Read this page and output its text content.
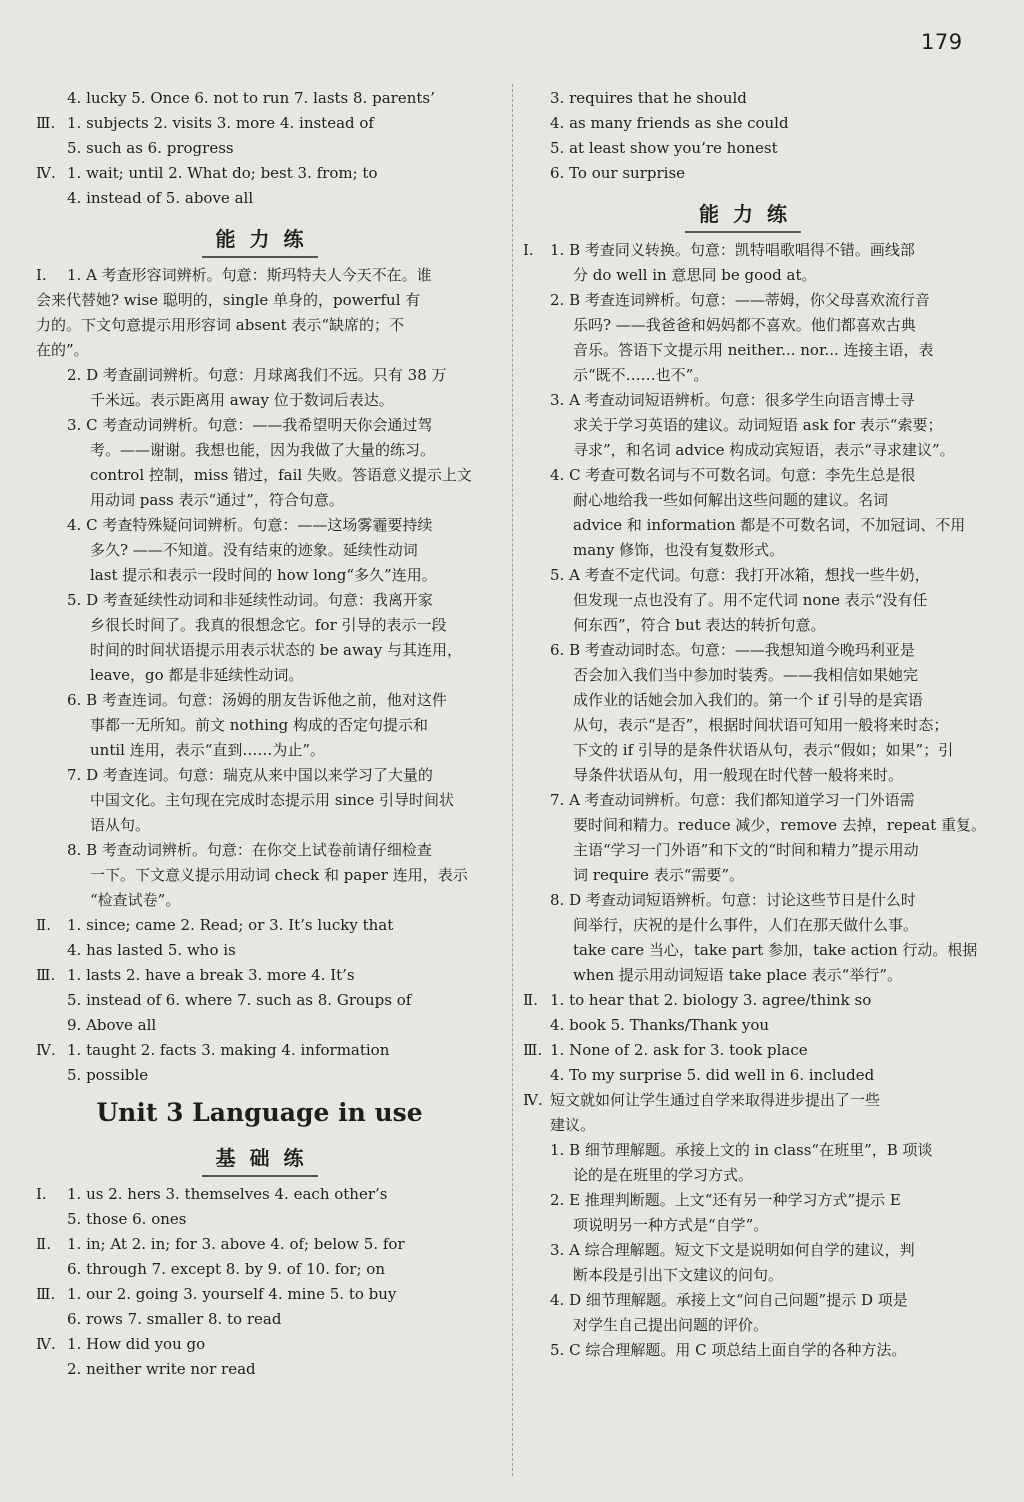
179
4. lucky 5. Once 6. not to run 7. lasts 8. parents’
Ⅲ. 1. subjects 2. visits 3. more 4. instead of
5. such as 6. progress
Ⅳ. 1. wait; until 2. What do; best 3. from; to
4. instead of 5. above all
能力练
Ⅰ. 1. A 考查形容词辨析。句意：斯玛特夫人今天不在。谁
会来代替她? wise 聪明的，single 单身的，powerful 有
力的。下文句意提示用形容词 absent 表示“缺席的；不
在的”。
2. D 考查副词辨析。句意：月球离我们不远。只有 38 万
千米远。表示距离用 away 位于数词后表达。
3. C 考查动词辨析。句意：——我希望明天你会通过驾
考。——谢谢。我想也能，因为我做了大量的练习。
control 控制，miss 错过，fail 失败。答语意义提示上文
用动词 pass 表示“通过”，符合句意。
4. C 考查特殊疑问词辨析。句意：——这场雾霾要持续
多久? ——不知道。没有结束的迹象。延续性动词
last 提示和表示一段时间的 how long“多久”连用。
5. D 考查延续性动词和非延续性动词。句意：我离开家
乡很长时间了。我真的很想念它。for 引导的表示一段
时间的时间状语提示用表示状态的 be away 与其连用，
leave，go 都是非延续性动词。
6. B 考查连词。句意：汤姆的朋友告诉他之前，他对这件
事都一无所知。前文 nothing 构成的否定句提示和
until 连用，表示“直到……为止”。
7. D 考查连词。句意：瑞克从来中国以来学习了大量的
中国文化。主句现在完成时态提示用 since 引导时间状
语从句。
8. B 考查动词辨析。句意：在你交上试卷前请仔细检查
一下。下文意义提示用动词 check 和 paper 连用，表示
“检查试卷”。
Ⅱ. 1. since; came 2. Read; or 3. It’s lucky that
4. has lasted 5. who is
Ⅲ. 1. lasts 2. have a break 3. more 4. It’s
5. instead of 6. where 7. such as 8. Groups of
9. Above all
Ⅳ. 1. taught 2. facts 3. making 4. information
5. possible
Unit 3 Language in use
基础练
Ⅰ. 1. us 2. hers 3. themselves 4. each other’s
5. those 6. ones
Ⅱ. 1. in; At 2. in; for 3. above 4. of; below 5. for
6. through 7. except 8. by 9. of 10. for; on
Ⅲ. 1. our 2. going 3. yourself 4. mine 5. to buy
6. rows 7. smaller 8. to read
Ⅳ. 1. How did you go
2. neither write nor read
3. requires that he should
4. as many friends as she could
5. at least show you’re honest
6. To our surprise
能力练
Ⅰ. 1. B 考查同义转换。句意：凯特唱歌唱得不错。画线部
分 do well in 意思同 be good at。
2. B 考查连词辨析。句意：——蒂姆，你父母喜欢流行音
乐吗? ——我爸爸和妈妈都不喜欢。他们都喜欢古典
音乐。答语下文提示用 neither... nor... 连接主语，表
示“既不……也不”。
3. A 考查动词短语辨析。句意：很多学生向语言博士寻
求关于学习英语的建议。动词短语 ask for 表示“索要；
寻求”，和名词 advice 构成动宾短语，表示“寻求建议”。
4. C 考查可数名词与不可数名词。句意：李先生总是很
耐心地给我一些如何解出这些问题的建议。名词
advice 和 information 都是不可数名词，不加冠词、不用
many 修饰，也没有复数形式。
5. A 考查不定代词。句意：我打开冰箱，想找一些牛奶，
但发现一点也没有了。用不定代词 none 表示“没有任
何东西”，符合 but 表达的转折句意。
6. B 考查动词时态。句意：——我想知道今晚玛利亚是
否会加入我们当中参加时装秀。——我相信如果她完
成作业的话她会加入我们的。第一个 if 引导的是宾语
从句，表示“是否”，根据时间状语可知用一般将来时态；
下文的 if 引导的是条件状语从句，表示“假如；如果”；引
导条件状语从句，用一般现在时代替一般将来时。
7. A 考查动词辨析。句意：我们都知道学习一门外语需
要时间和精力。reduce 减少，remove 去掉，repeat 重复。
主语“学习一门外语”和下文的“时间和精力”提示用动
词 require 表示“需要”。
8. D 考查动词短语辨析。句意：讨论这些节日是什么时
间举行，庆祝的是什么事件，人们在那天做什么事。
take care 当心，take part 参加，take action 行动。根据
when 提示用动词短语 take place 表示“举行”。
Ⅱ. 1. to hear that 2. biology 3. agree/think so
4. book 5. Thanks/Thank you
Ⅲ. 1. None of 2. ask for 3. took place
4. To my surprise 5. did well in 6. included
Ⅳ. 短文就如何让学生通过自学来取得进步提出了一些
建议。
1. B 细节理解题。承接上文的 in class“在班里”，B 项谈
论的是在班里的学习方式。
2. E 推理判断题。上文“还有另一种学习方式”提示 E
项说明另一种方式是“自学”。
3. A 综合理解题。短文下文是说明如何自学的建议，判
断本段是引出下文建议的问句。
4. D 细节理解题。承接上文“问自己问题”提示 D 项是
对学生自己提出问题的评价。
5. C 综合理解题。用 C 项总结上面自学的各种方法。
